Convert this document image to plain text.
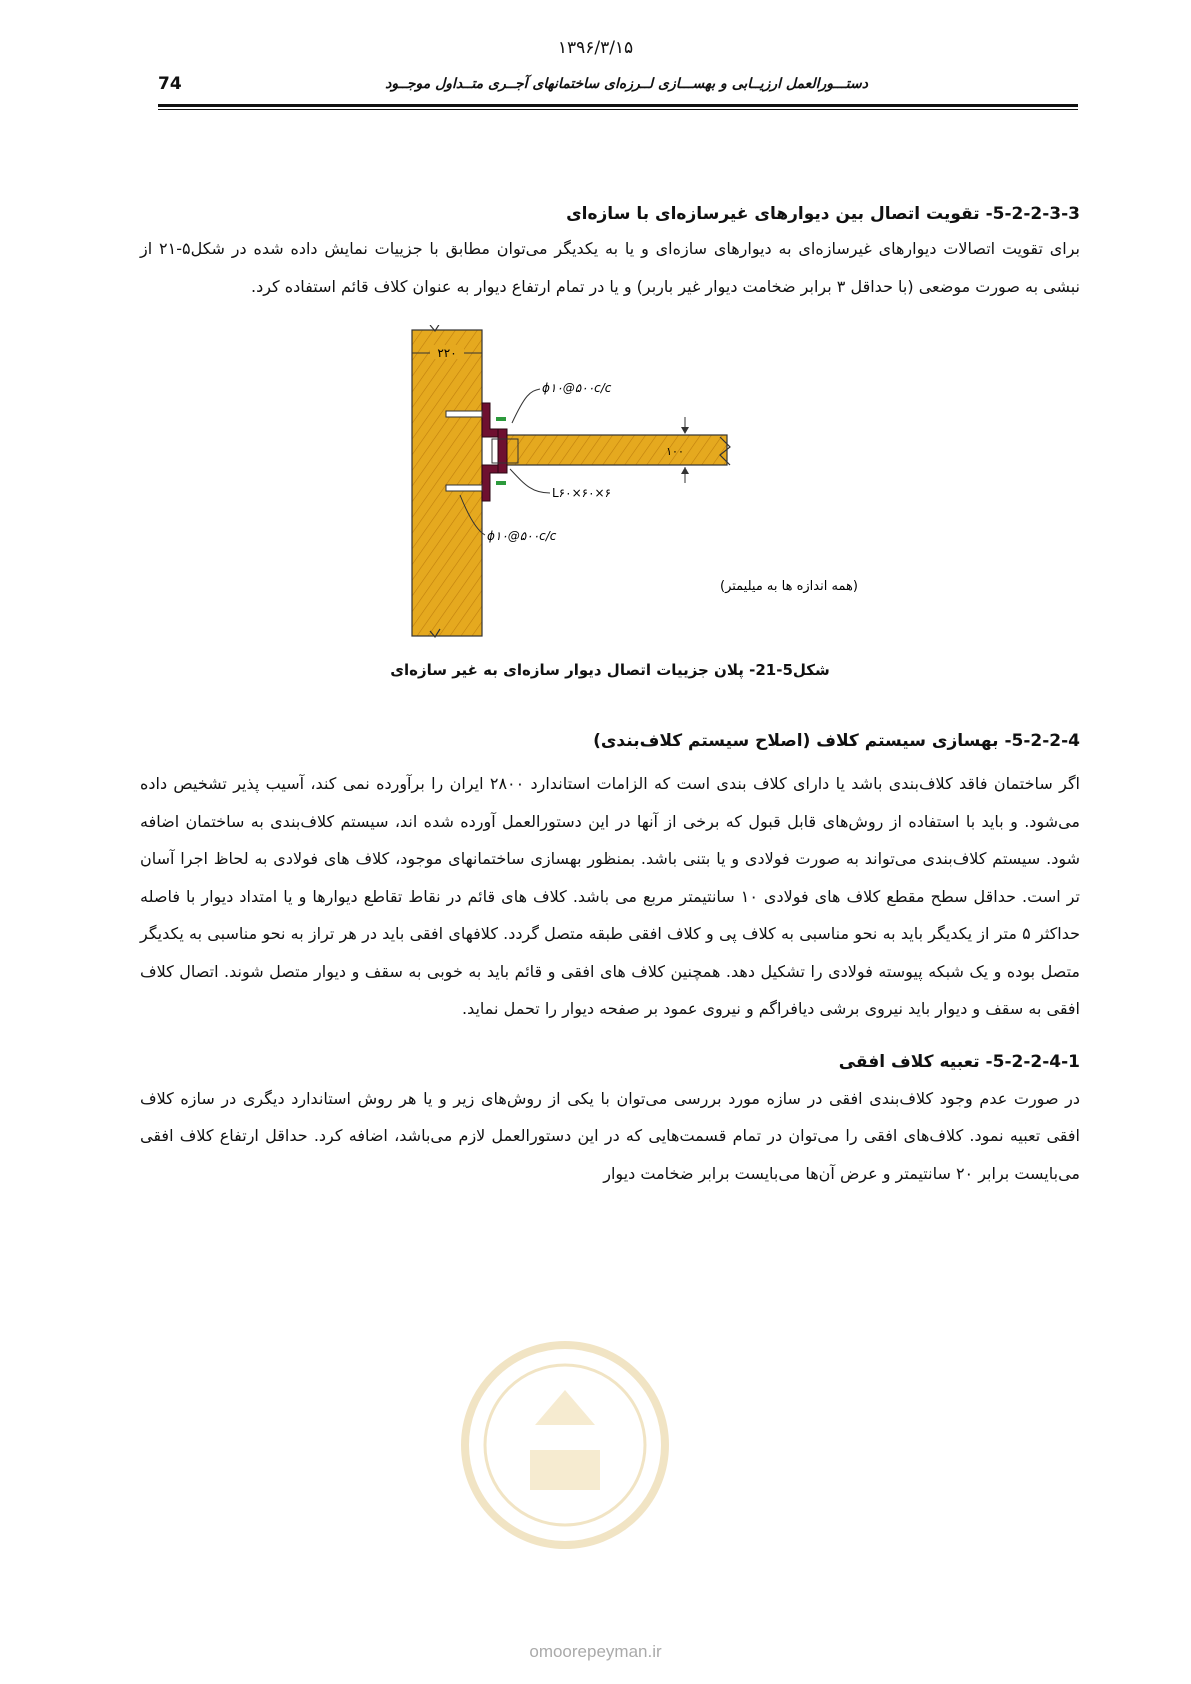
۱۳۹۶/۳/۱۵
74	دستـــورالعمل ارزیــابی و بهســـازی لــرزه‌ای ساختمانهای آجــری متــداول موجــود
5-2-2-3-3- تقویت اتصال بین دیوارهای غیرسازه‌ای با سازه‌ای

برای تقویت اتصالات دیوارهای غیرسازه‌ای به دیوارهای سازه‌ای و یا به یکدیگر می‌توان مطابق با جزییات نمایش داده شده در شکل۵-۲۱ از نبشی به صورت موضعی (با حداقل ۳ برابر ضخامت دیوار غیر باربر) و یا در تمام ارتفاع دیوار به عنوان کلاف قائم استفاده کرد.

۲۲۰
۱۰۰
ϕ۱۰@۵۰۰c/c
L۶۰×۶۰×۶
ϕ۱۰@۵۰۰c/c
(همه اندازه ها به میلیمتر)

شکل5-21- پلان جزییات اتصال دیوار سازه‌ای به غیر سازه‌ای

5-2-2-4- بهسازی سیستم کلاف (اصلاح سیستم کلاف‌بندی)

اگر ساختمان فاقد کلاف‌بندی باشد یا دارای کلاف بندی است که الزامات استاندارد ۲۸۰۰ ایران را برآورده نمی کند، آسیب پذیر تشخیص داده می‌شود. و باید با استفاده از روش‌های قابل قبول که برخی از آنها در این دستورالعمل آورده شده اند، سیستم کلاف‌بندی به ساختمان اضافه شود. سیستم کلاف‌بندی می‌تواند به صورت فولادی و یا بتنی باشد. بمنظور بهسازی ساختمانهای موجود، کلاف های فولادی به لحاظ اجرا آسان تر است. حداقل سطح مقطع کلاف های فولادی ۱۰ سانتیمتر مربع می باشد. کلاف های قائم در نقاط تقاطع دیوارها و یا امتداد دیوار با فاصله حداکثر ۵ متر از یکدیگر باید به نحو مناسبی به کلاف پی و کلاف افقی طبقه متصل گردد. کلافهای افقی باید در هر تراز به نحو مناسبی به یکدیگر متصل بوده و یک شبکه پیوسته فولادی را تشکیل دهد. همچنین کلاف های افقی و قائم باید به خوبی به سقف و دیوار متصل شوند. اتصال کلاف افقی به سقف و دیوار باید نیروی برشی دیافراگم و نیروی عمود بر صفحه دیوار را تحمل نماید.

5-2-2-4-1- تعبیه کلاف افقی

در صورت عدم وجود کلاف‌بندی افقی در سازه مورد بررسی می‌توان با یکی از روش‌های زیر و یا هر روش استاندارد دیگری در سازه کلاف افقی تعبیه نمود. کلاف‌های افقی را می‌توان در تمام قسمت‌هایی که در این دستورالعمل لازم می‌باشد، اضافه کرد. حداقل ارتفاع کلاف افقی می‌بایست برابر ۲۰ سانتیمتر و عرض آن‌ها می‌بایست برابر ضخامت دیوار

omoorepeyman.ir
